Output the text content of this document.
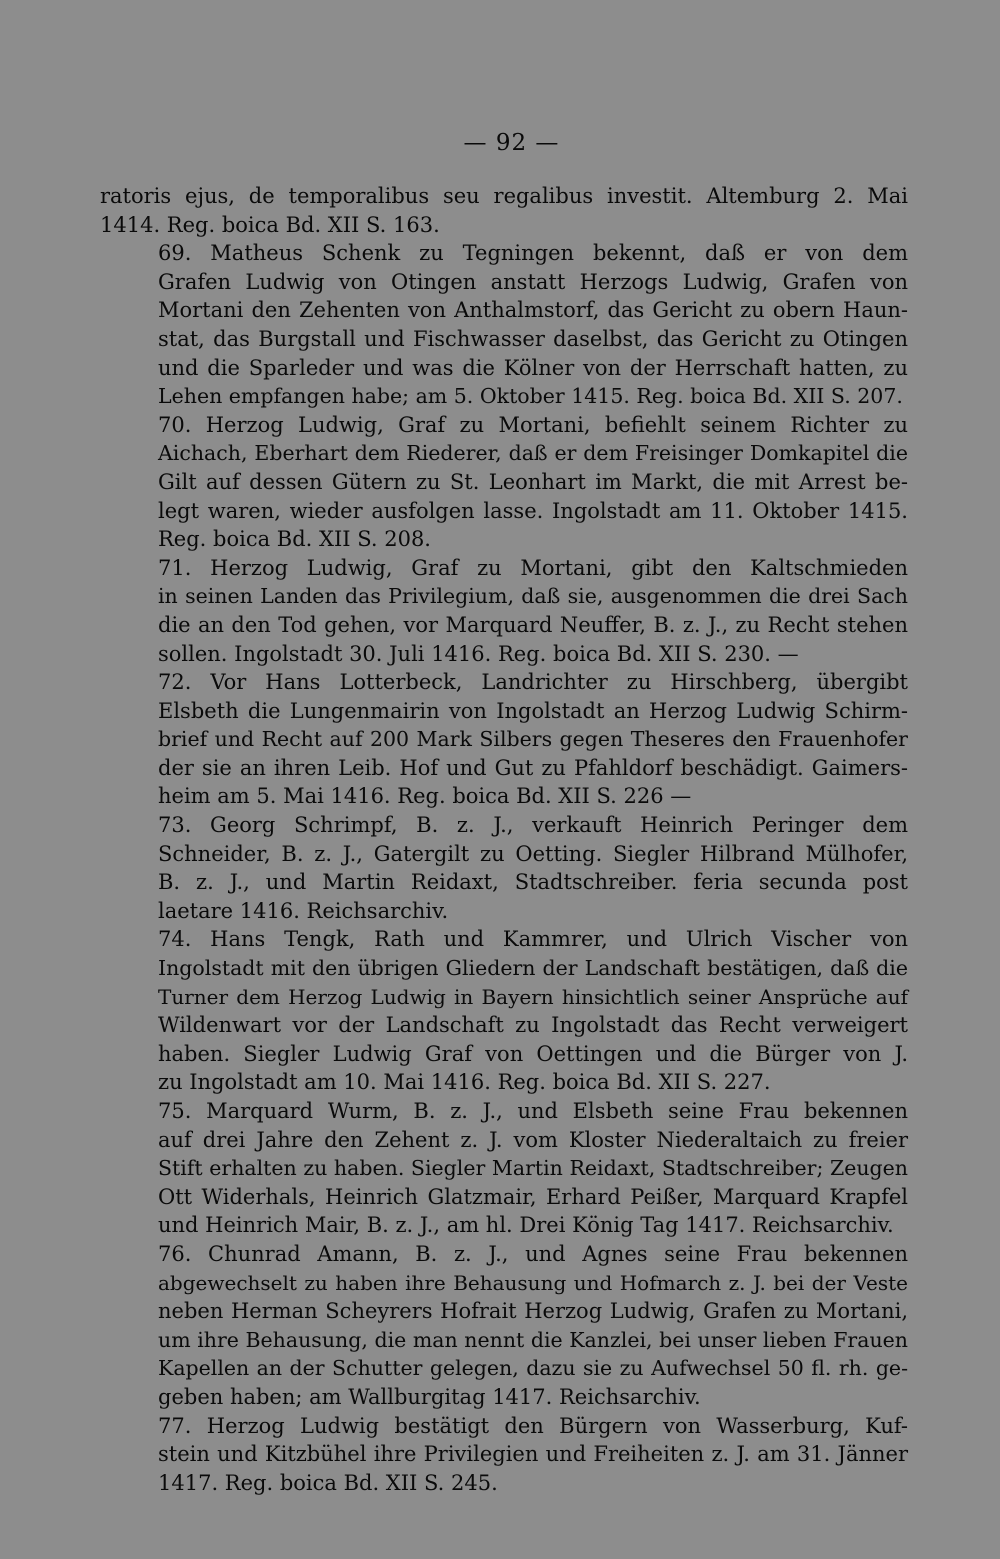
— 92 —
ratoris ejus, de temporalibus seu regalibus investit. Altemburg 2. Mai
1414. Reg. boica Bd. XII S. 163.
69. Matheus Schenk zu Tegningen bekennt, daß er von dem
Grafen Ludwig von Otingen anstatt Herzogs Ludwig, Grafen von
Mortani den Zehenten von Anthalmstorf, das Gericht zu obern Haun-
stat, das Burgstall und Fischwasser daselbst, das Gericht zu Otingen
und die Sparleder und was die Kölner von der Herrschaft hatten, zu
Lehen empfangen habe; am 5. Oktober 1415. Reg. boica Bd. XII S. 207.
70. Herzog Ludwig, Graf zu Mortani, befiehlt seinem Richter zu
Aichach, Eberhart dem Riederer, daß er dem Freisinger Domkapitel die
Gilt auf dessen Gütern zu St. Leonhart im Markt, die mit Arrest be-
legt waren, wieder ausfolgen lasse. Ingolstadt am 11. Oktober 1415.
Reg. boica Bd. XII S. 208.
71. Herzog Ludwig, Graf zu Mortani, gibt den Kaltschmieden
in seinen Landen das Privilegium, daß sie, ausgenommen die drei Sach
die an den Tod gehen, vor Marquard Neuffer, B. z. J., zu Recht stehen
sollen. Ingolstadt 30. Juli 1416. Reg. boica Bd. XII S. 230. —
72. Vor Hans Lotterbeck, Landrichter zu Hirschberg, übergibt
Elsbeth die Lungenmairin von Ingolstadt an Herzog Ludwig Schirm-
brief und Recht auf 200 Mark Silbers gegen Theseres den Frauenhofer
der sie an ihren Leib. Hof und Gut zu Pfahldorf beschädigt. Gaimers-
heim am 5. Mai 1416. Reg. boica Bd. XII S. 226 —
73. Georg Schrimpf, B. z. J., verkauft Heinrich Peringer dem
Schneider, B. z. J., Gatergilt zu Oetting. Siegler Hilbrand Mülhofer,
B. z. J., und Martin Reidaxt, Stadtschreiber. feria secunda post
laetare 1416. Reichsarchiv.
74. Hans Tengk, Rath und Kammrer, und Ulrich Vischer von
Ingolstadt mit den übrigen Gliedern der Landschaft bestätigen, daß die
Turner dem Herzog Ludwig in Bayern hinsichtlich seiner Ansprüche auf
Wildenwart vor der Landschaft zu Ingolstadt das Recht verweigert
haben. Siegler Ludwig Graf von Oettingen und die Bürger von J.
zu Ingolstadt am 10. Mai 1416. Reg. boica Bd. XII S. 227.
75. Marquard Wurm, B. z. J., und Elsbeth seine Frau bekennen
auf drei Jahre den Zehent z. J. vom Kloster Niederaltaich zu freier
Stift erhalten zu haben. Siegler Martin Reidaxt, Stadtschreiber; Zeugen
Ott Widerhals, Heinrich Glatzmair, Erhard Peißer, Marquard Krapfel
und Heinrich Mair, B. z. J., am hl. Drei König Tag 1417. Reichsarchiv.
76. Chunrad Amann, B. z. J., und Agnes seine Frau bekennen
abgewechselt zu haben ihre Behausung und Hofmarch z. J. bei der Veste
neben Herman Scheyrers Hofrait Herzog Ludwig, Grafen zu Mortani,
um ihre Behausung, die man nennt die Kanzlei, bei unser lieben Frauen
Kapellen an der Schutter gelegen, dazu sie zu Aufwechsel 50 fl. rh. ge-
geben haben; am Wallburgitag 1417. Reichsarchiv.
77. Herzog Ludwig bestätigt den Bürgern von Wasserburg, Kuf-
stein und Kitzbühel ihre Privilegien und Freiheiten z. J. am 31. Jänner
1417. Reg. boica Bd. XII S. 245.
